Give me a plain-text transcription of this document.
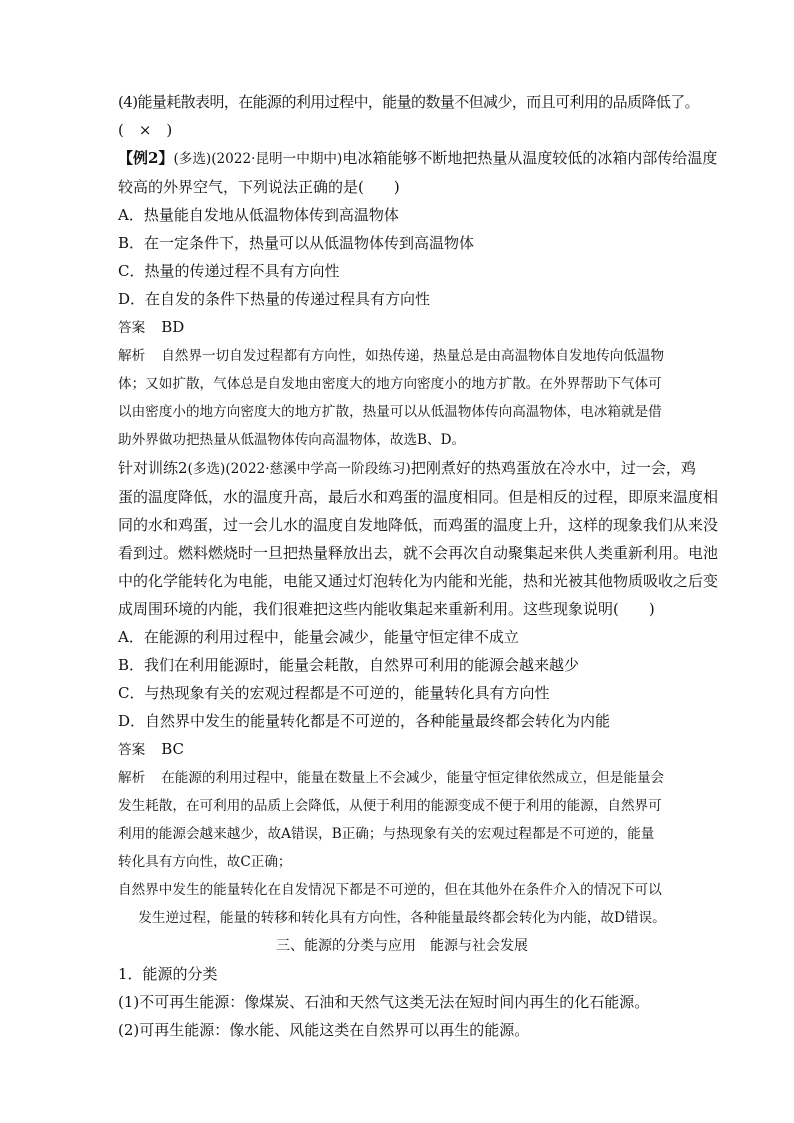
(4)能量耗散表明，在能源的利用过程中，能量的数量不但减少，而且可利用的品质降低了。

(　×　)

【例2】(多选)(2022·昆明一中期中)电冰箱能够不断地把热量从温度较低的冰箱内部传给温度

较高的外界空气，下列说法正确的是(　　)

A．热量能自发地从低温物体传到高温物体

B．在一定条件下，热量可以从低温物体传到高温物体

C．热量的传递过程不具有方向性

D．在自发的条件下热量的传递过程具有方向性

答案 BD

解析 自然界一切自发过程都有方向性，如热传递，热量总是由高温物体自发地传向低温物

体；又如扩散，气体总是自发地由密度大的地方向密度小的地方扩散。在外界帮助下气体可

以由密度小的地方向密度大的地方扩散，热量可以从低温物体传向高温物体，电冰箱就是借

助外界做功把热量从低温物体传向高温物体，故选B、D。

针对训练2(多选)(2022·慈溪中学高一阶段练习)把刚煮好的热鸡蛋放在冷水中，过一会，鸡

蛋的温度降低，水的温度升高，最后水和鸡蛋的温度相同。但是相反的过程，即原来温度相

同的水和鸡蛋，过一会儿水的温度自发地降低，而鸡蛋的温度上升，这样的现象我们从来没

看到过。燃料燃烧时一旦把热量释放出去，就不会再次自动聚集起来供人类重新利用。电池

中的化学能转化为电能，电能又通过灯泡转化为内能和光能，热和光被其他物质吸收之后变

成周围环境的内能，我们很难把这些内能收集起来重新利用。这些现象说明(　　)

A．在能源的利用过程中，能量会减少，能量守恒定律不成立

B．我们在利用能源时，能量会耗散，自然界可利用的能源会越来越少

C．与热现象有关的宏观过程都是不可逆的，能量转化具有方向性

D．自然界中发生的能量转化都是不可逆的，各种能量最终都会转化为内能

答案 BC

解析 在能源的利用过程中，能量在数量上不会减少，能量守恒定律依然成立，但是能量会

发生耗散，在可利用的品质上会降低，从便于利用的能源变成不便于利用的能源，自然界可

利用的能源会越来越少，故A错误，B正确；与热现象有关的宏观过程都是不可逆的，能量

转化具有方向性，故C正确；

自然界中发生的能量转化在自发情况下都是不可逆的，但在其他外在条件介入的情况下可以

发生逆过程，能量的转移和转化具有方向性，各种能量最终都会转化为内能，故D错误。

三、能源的分类与应用　能源与社会发展

1．能源的分类

(1)不可再生能源：像煤炭、石油和天然气这类无法在短时间内再生的化石能源。

(2)可再生能源：像水能、风能这类在自然界可以再生的能源。
